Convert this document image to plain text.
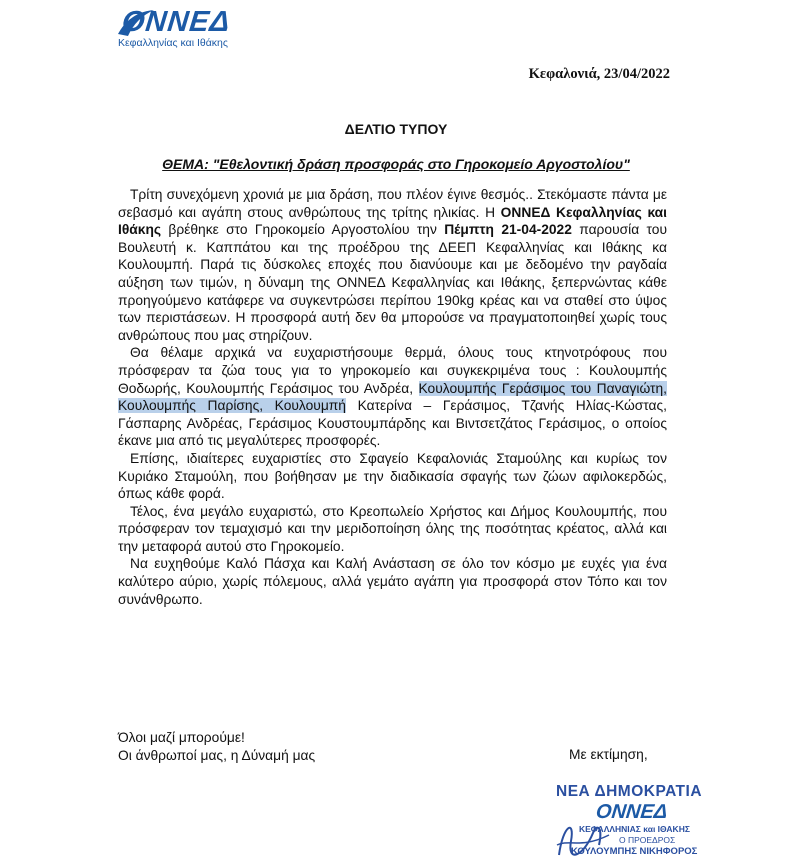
ΟΝΝΕΔ
Κεφαλληνίας και Ιθάκης
Κεφαλονιά, 23/04/2022
ΔΕΛΤΙΟ ΤΥΠΟΥ
ΘΕΜΑ: "Εθελοντική δράση προσφοράς στο Γηροκομείο Αργοστολίου"

Τρίτη συνεχόμενη χρονιά με μια δράση, που πλέον έγινε θεσμός.. Στεκόμαστε πάντα με σεβασμό και αγάπη στους ανθρώπους της τρίτης ηλικίας. Η ΟΝΝΕΔ Κεφαλληνίας και Ιθάκης βρέθηκε στο Γηροκομείο Αργοστολίου την Πέμπτη 21-04-2022 παρουσία του Βουλευτή κ. Καππάτου και της προέδρου της ΔΕΕΠ Κεφαλληνίας και Ιθάκης κα Κουλουμπή. Παρά τις δύσκολες εποχές που διανύουμε και με δεδομένο την ραγδαία αύξηση των τιμών, η δύναμη της ΟΝΝΕΔ Κεφαλληνίας και Ιθάκης, ξεπερνώντας κάθε προηγούμενο κατάφερε να συγκεντρώσει περίπου 190kg κρέας και να σταθεί στο ύψος των περιστάσεων. Η προσφορά αυτή δεν θα μπορούσε να πραγματοποιηθεί χωρίς τους ανθρώπους που μας στηρίζουν.

Θα θέλαμε αρχικά να ευχαριστήσουμε θερμά, όλους τους κτηνοτρόφους που πρόσφεραν τα ζώα τους για το γηροκομείο και συγκεκριμένα τους : Κουλουμπής Θοδωρής, Κουλουμπής Γεράσιμος του Ανδρέα, Κουλουμπής Γεράσιμος του Παναγιώτη, Κουλουμπής Παρίσης, Κουλουμπή Κατερίνα – Γεράσιμος, Τζανής Ηλίας-Κώστας, Γάσπαρης Ανδρέας, Γεράσιμος Κουστουμπάρδης και Βιντσετζάτος Γεράσιμος, ο οποίος έκανε μια από τις μεγαλύτερες προσφορές.

Επίσης, ιδιαίτερες ευχαριστίες στο Σφαγείο Κεφαλονιάς Σταμούλης και κυρίως τον Κυριάκο Σταμούλη, που βοήθησαν με την διαδικασία σφαγής των ζώων αφιλοκερδώς, όπως κάθε φορά.

Τέλος, ένα μεγάλο ευχαριστώ, στο Κρεοπωλείο Χρήστος και Δήμος Κουλουμπής, που πρόσφεραν τον τεμαχισμό και την μεριδοποίηση όλης της ποσότητας κρέατος, αλλά και την μεταφορά αυτού στο Γηροκομείο.

Να ευχηθούμε Καλό Πάσχα και Καλή Ανάσταση σε όλο τον κόσμο με ευχές για ένα καλύτερο αύριο, χωρίς πόλεμους, αλλά γεμάτο αγάπη για προσφορά στον Τόπο και τον συνάνθρωπο.

Όλοι μαζί μπορούμε!
Οι άνθρωποί μας, η Δύναμή μας	Με εκτίμηση,
ΝΕΑ ΔΗΜΟΚΡΑΤΙΑ
ΟΝΝΕΔ
ΚΕΦΑΛΛΗΝΙΑΣ και ΙΘΑΚΗΣ
Ο ΠΡΟΕΔΡΟΣ
ΚΟΥΛΟΥΜΠΗΣ ΝΙΚΗΦΟΡΟΣ
